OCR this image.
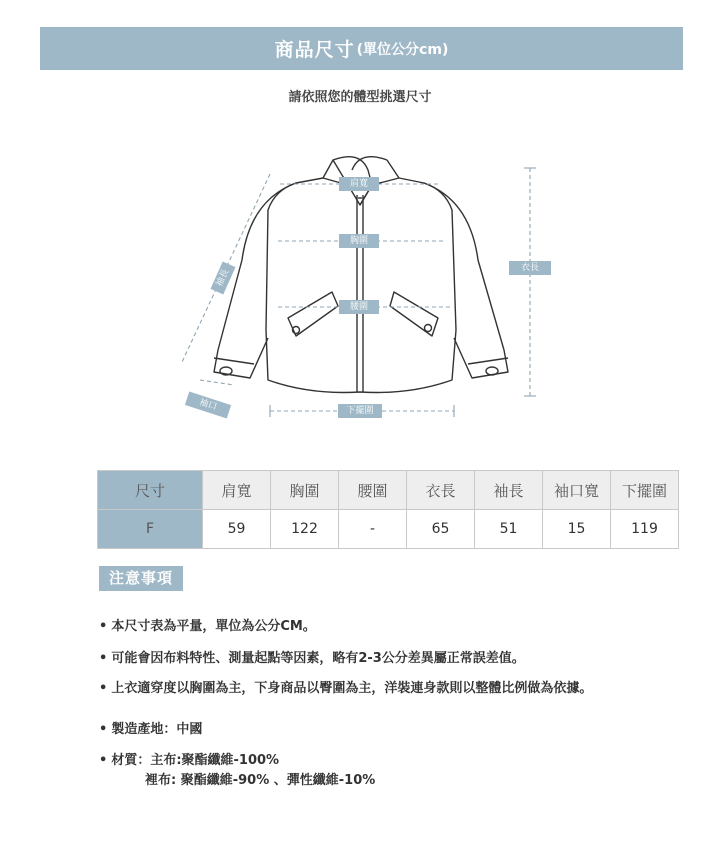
商品尺寸 (單位公分cm)
請依照您的體型挑選尺寸
肩寬
胸圍
腰圍
衣長
袖長
袖口	下擺圍
尺寸	肩寬	胸圍	腰圍	衣長	袖長	袖口寬	下擺圍
F	59	122	-	65	51	15	119
注意事項
• 本尺寸表為平量，單位為公分CM。
• 可能會因布料特性、測量起點等因素，略有2-3公分差異屬正常誤差值。
• 上衣適穿度以胸圍為主，下身商品以臀圍為主，洋裝連身款則以整體比例做為依據。
• 製造產地：中國
• 材質：主布:聚酯纖維-100%
裡布: 聚酯纖維-90% 、彈性纖維-10%
